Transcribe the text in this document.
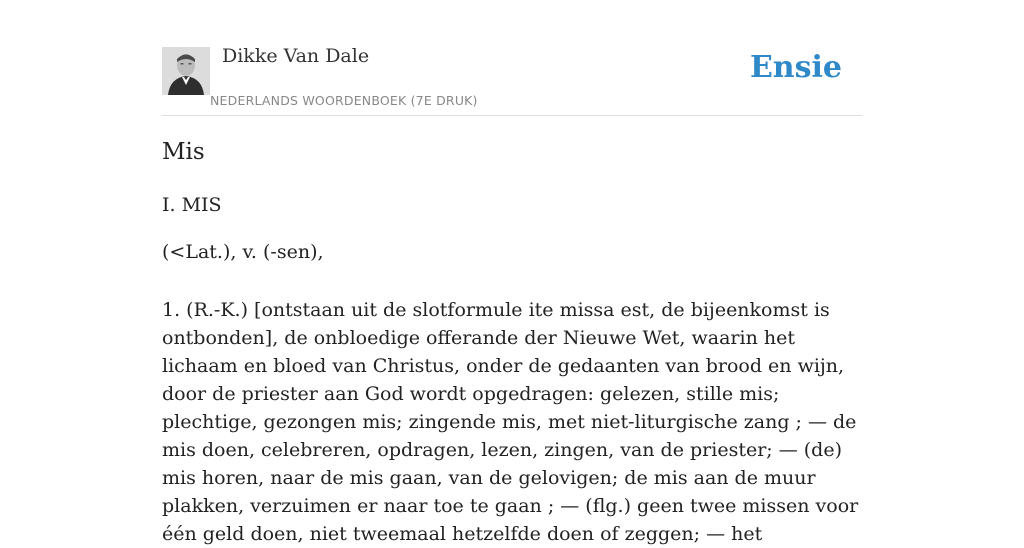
Dikke Van Dale
NEDERLANDS WOORDENBOEK (7E DRUK)
Ensie
Mis
I. MIS
(<Lat.), v. (-sen),

1. (R.-K.) [ontstaan uit de slotformule ite missa est, de bijeenkomst is ontbonden], de onbloedige offerande der Nieuwe Wet, waarin het lichaam en bloed van Christus, onder de gedaanten van brood en wijn, door de priester aan God wordt opgedragen: gelezen, stille mis; plechtige, gezongen mis; zingende mis, met niet-liturgische zang ; — de mis doen, celebreren, opdragen, lezen, zingen, van de priester; — (de) mis horen, naar de mis gaan, van de gelovigen; de mis aan de muur plakken, verzuimen er naar toe te gaan ; — (flg.) geen twee missen voor één geld doen, niet tweemaal hetzelfde doen of zeggen; — het
